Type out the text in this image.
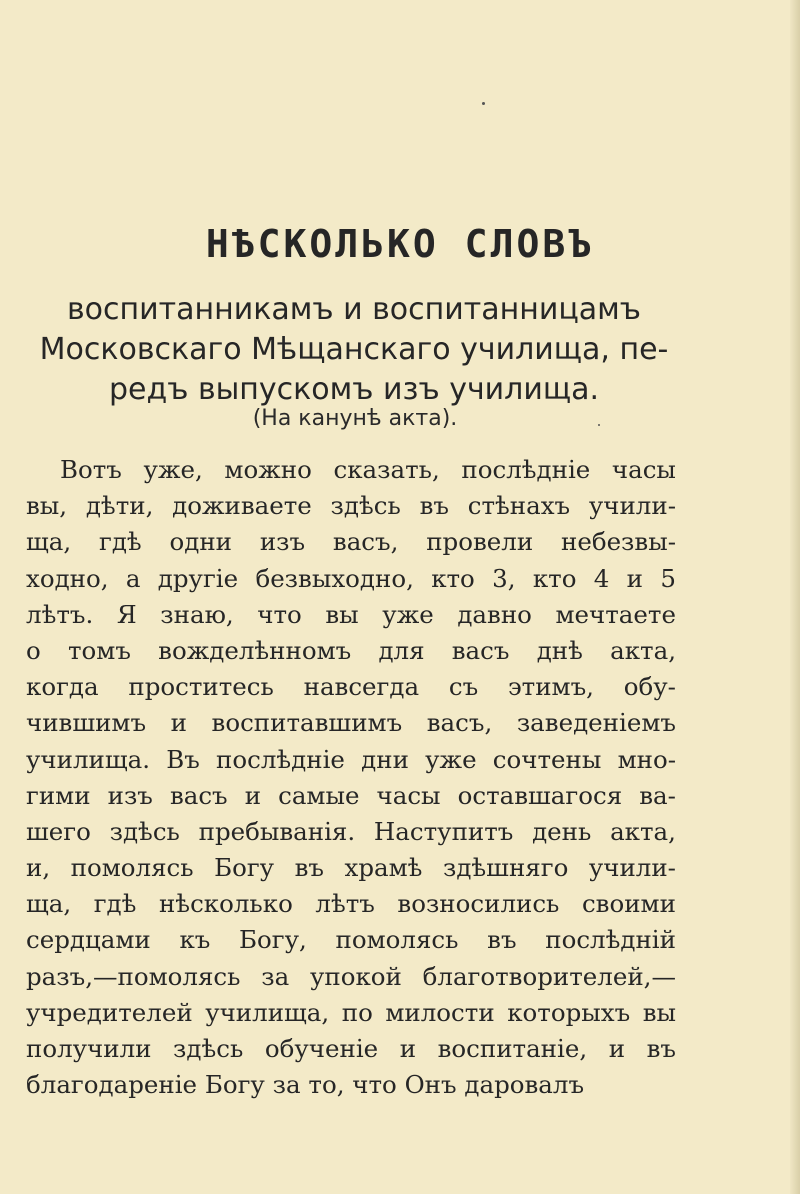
НѢСКОЛЬКО СЛОВЪ
воспитанникамъ и воспитанницамъ
Московскаго Мѣщанскаго училища, пе-
редъ выпускомъ изъ училища.
(На канунѣ акта).
Вотъ уже, можно сказать, послѣдніе часы
вы, дѣти, доживаете здѣсь въ стѣнахъ учили-
ща, гдѣ одни изъ васъ, провели небезвы-
ходно, а другіе безвыходно, кто 3, кто 4 и 5
лѣтъ. Я знаю, что вы уже давно мечтаете
о томъ вожделѣнномъ для васъ днѣ акта,
когда проститесь навсегда съ этимъ, обу-
чившимъ и воспитавшимъ васъ, заведеніемъ
училища. Въ послѣдніе дни уже сочтены мно-
гими изъ васъ и самые часы оставшагося ва-
шего здѣсь пребыванія. Наступитъ день акта,
и, помолясь Богу въ храмѣ здѣшняго учили-
ща, гдѣ нѣсколько лѣтъ возносились своими
сердцами къ Богу, помолясь въ послѣдній
разъ,—помолясь за упокой благотворителей,—
учредителей училища, по милости которыхъ вы
получили здѣсь обученіе и воспитаніе, и въ
благодареніе Богу за то, что Онъ даровалъ
